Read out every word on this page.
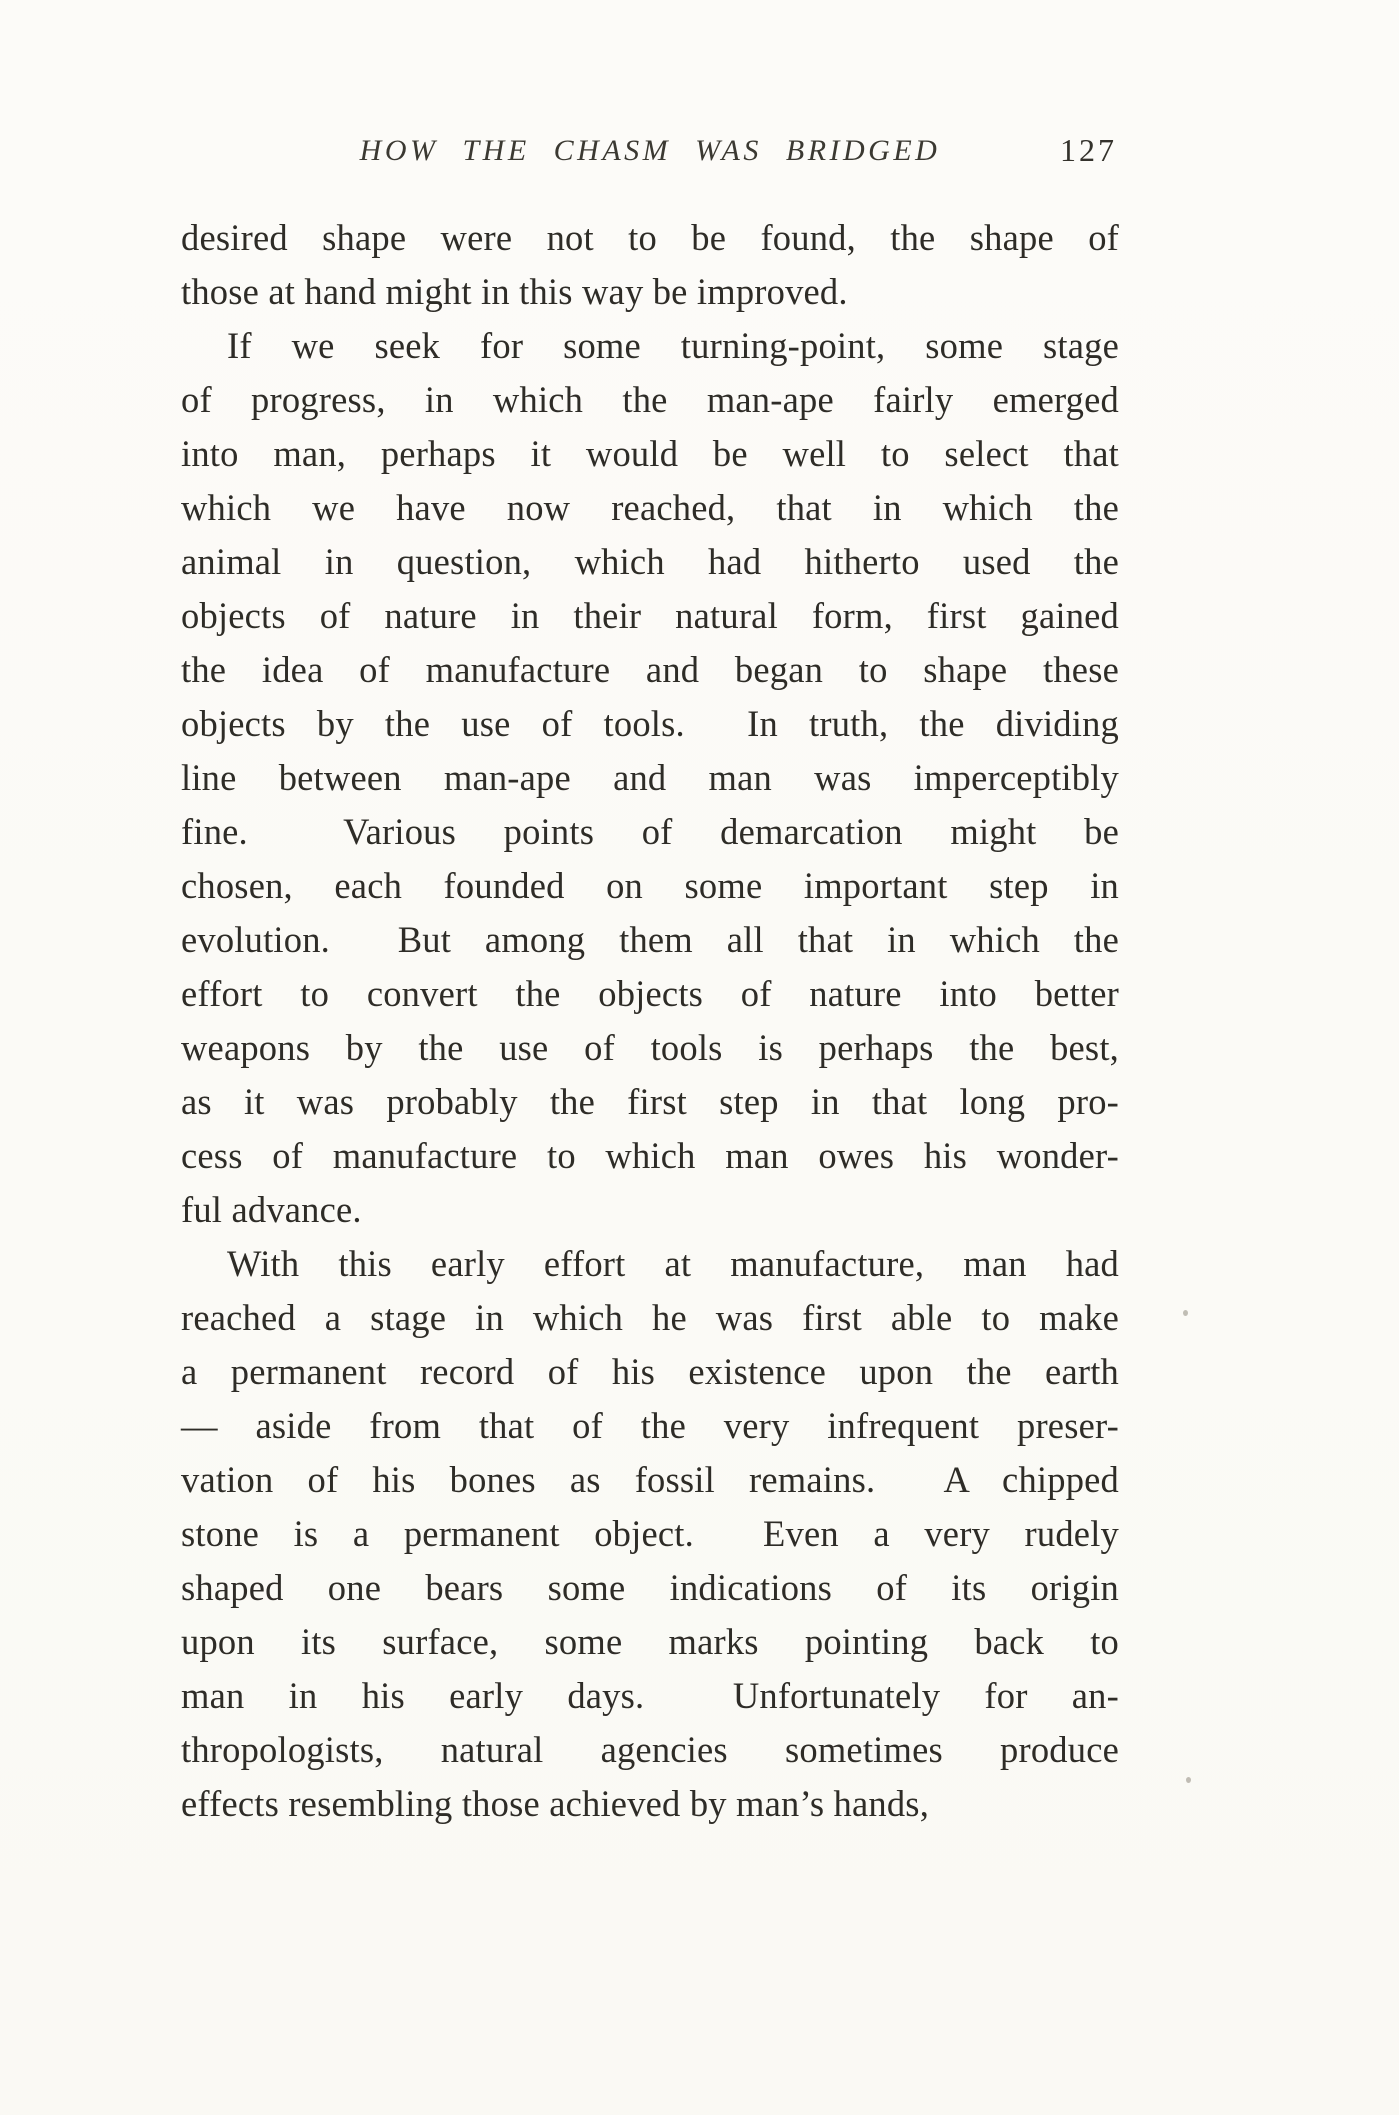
HOW THE CHASM WAS BRIDGED	127
desired shape were not to be found, the shape of
those at hand might in this way be improved.
If we seek for some turning-point, some stage
of progress, in which the man-ape fairly emerged
into man, perhaps it would be well to select that
which we have now reached, that in which the
animal in question, which had hitherto used the
objects of nature in their natural form, first gained
the idea of manufacture and began to shape these
objects by the use of tools.  In truth, the dividing
line between man-ape and man was imperceptibly
fine.  Various points of demarcation might be
chosen, each founded on some important step in
evolution.  But among them all that in which the
effort to convert the objects of nature into better
weapons by the use of tools is perhaps the best,
as it was probably the first step in that long pro-
cess of manufacture to which man owes his wonder-
ful advance.
With this early effort at manufacture, man had
reached a stage in which he was first able to make
a permanent record of his existence upon the earth
— aside from that of the very infrequent preser-
vation of his bones as fossil remains.  A chipped
stone is a permanent object.  Even a very rudely
shaped one bears some indications of its origin
upon its surface, some marks pointing back to
man in his early days.  Unfortunately for an-
thropologists, natural agencies sometimes produce
effects resembling those achieved by man’s hands,
